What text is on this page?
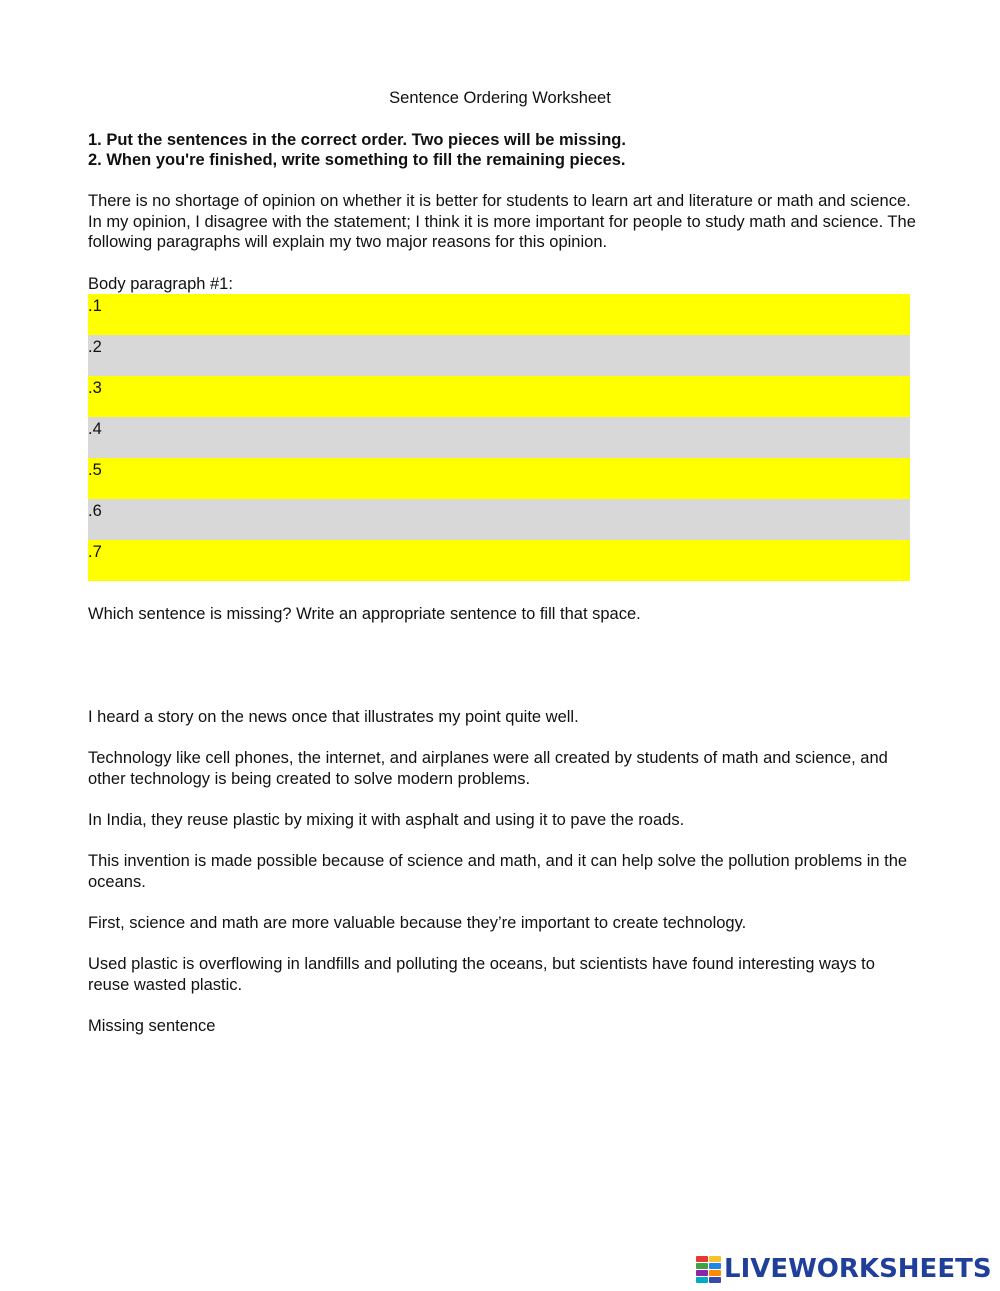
Sentence Ordering Worksheet
1. Put the sentences in the correct order. Two pieces will be missing.
2. When you're finished, write something to fill the remaining pieces.

There is no shortage of opinion on whether it is better for students to learn art and literature or math and science. In my opinion, I disagree with the statement; I think it is more important for people to study math and science. The following paragraphs will explain my two major reasons for this opinion.

Body paragraph #1:
.1
.2
.3
.4
.5
.6
.7
Which sentence is missing? Write an appropriate sentence to fill that space.
I heard a story on the news once that illustrates my point quite well.
Technology like cell phones, the internet, and airplanes were all created by students of math and science, and other technology is being created to solve modern problems.
In India, they reuse plastic by mixing it with asphalt and using it to pave the roads.
This invention is made possible because of science and math, and it can help solve the pollution problems in the oceans.
First, science and math are more valuable because they’re important to create technology.
Used plastic is overflowing in landfills and polluting the oceans, but scientists have found interesting ways to reuse wasted plastic.
Missing sentence
LIVEWORKSHEETS
